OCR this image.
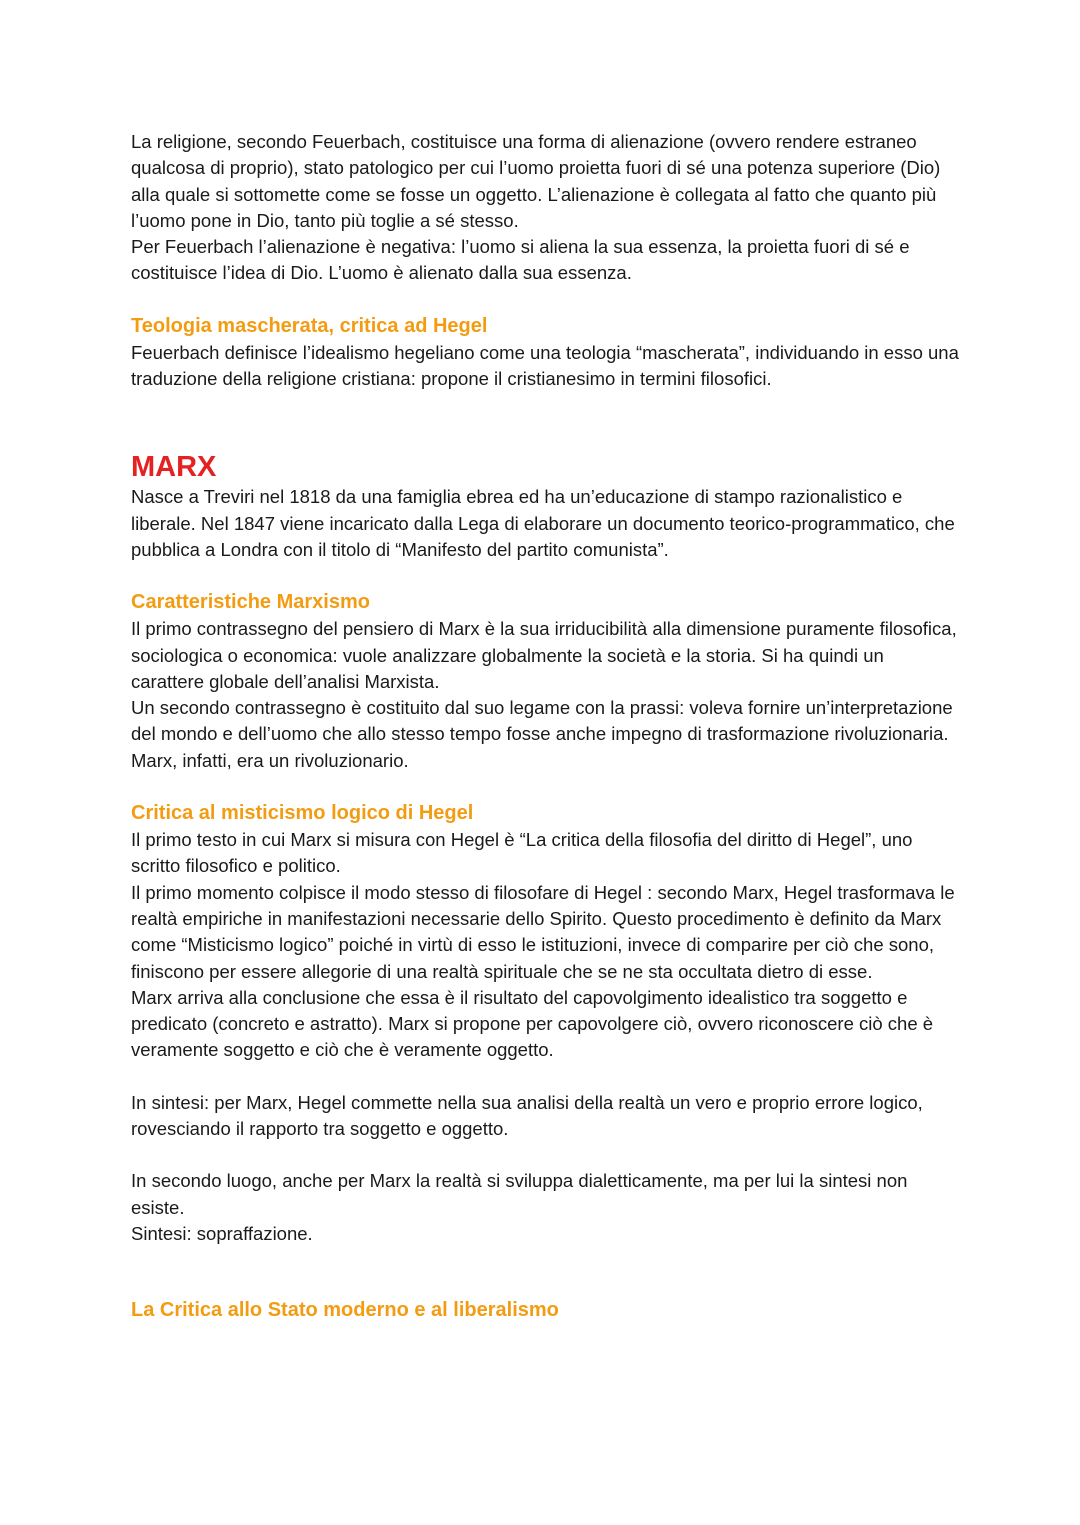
La religione, secondo Feuerbach, costituisce una forma di alienazione (ovvero rendere estraneo qualcosa di proprio), stato patologico per cui l’uomo proietta fuori di sé una potenza superiore (Dio) alla quale si sottomette come se fosse un oggetto. L’alienazione è collegata al fatto che quanto più l’uomo pone in Dio, tanto più toglie a sé stesso.

Per Feuerbach l’alienazione è negativa: l’uomo si aliena la sua essenza, la proietta fuori di sé e costituisce l’idea di Dio. L’uomo è alienato dalla sua essenza.

Teologia mascherata, critica ad Hegel

Feuerbach definisce l’idealismo hegeliano come una teologia “mascherata”, individuando in esso una traduzione della religione cristiana: propone il cristianesimo in termini filosofici.

MARX

Nasce a Treviri nel 1818 da una famiglia ebrea ed ha un’educazione di stampo razionalistico e liberale. Nel 1847 viene incaricato dalla Lega di elaborare un documento teorico-programmatico, che pubblica a Londra con il titolo di “Manifesto del partito comunista”.

Caratteristiche Marxismo

Il primo contrassegno del pensiero di Marx è la sua irriducibilità alla dimensione puramente filosofica, sociologica o economica: vuole analizzare globalmente la società e la storia. Si ha quindi un carattere globale dell’analisi Marxista.

Un secondo contrassegno è costituito dal suo legame con la prassi: voleva fornire un’interpretazione del mondo e dell’uomo che allo stesso tempo fosse anche impegno di trasformazione rivoluzionaria. Marx, infatti, era un rivoluzionario.

Critica al misticismo logico di Hegel

Il primo testo in cui Marx si misura con Hegel è “La critica della filosofia del diritto di Hegel”, uno scritto filosofico e politico.

Il primo momento colpisce il modo stesso di filosofare di Hegel : secondo Marx, Hegel trasformava le realtà empiriche in manifestazioni necessarie dello Spirito. Questo procedimento è definito da Marx come “Misticismo logico” poiché in virtù di esso le istituzioni, invece di comparire per ciò che sono, finiscono per essere allegorie di una realtà spirituale che se ne sta occultata dietro di esse.

Marx arriva alla conclusione che essa è il risultato del capovolgimento idealistico tra soggetto e predicato (concreto e astratto). Marx si propone per capovolgere ciò, ovvero riconoscere ciò che è veramente soggetto e ciò che è veramente oggetto.

In sintesi: per Marx, Hegel commette nella sua analisi della realtà un vero e proprio errore logico, rovesciando il rapporto tra soggetto e oggetto.

In secondo luogo, anche per Marx la realtà si sviluppa dialetticamente, ma per lui la sintesi non esiste.

Sintesi: sopraffazione.

La Critica allo Stato moderno e al liberalismo
